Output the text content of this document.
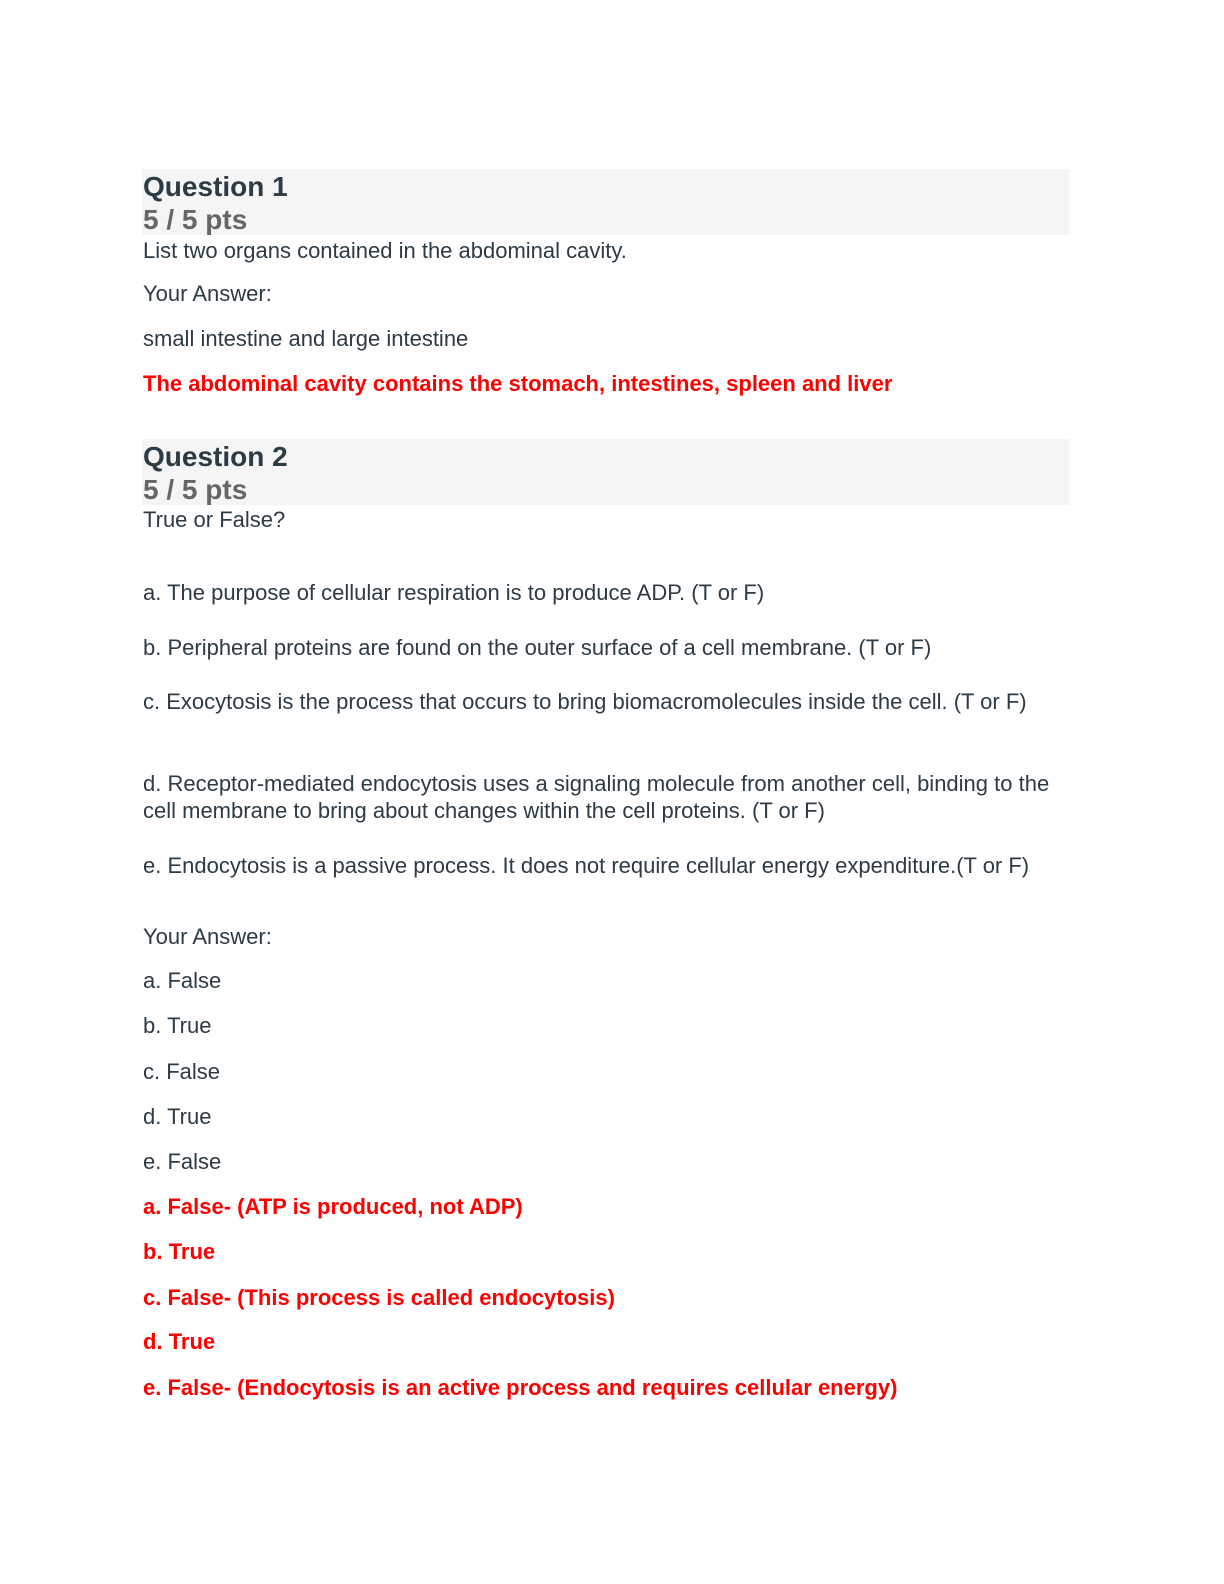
Question 1
5 / 5 pts
List two organs contained in the abdominal cavity.
Your Answer:
small intestine and large intestine
The abdominal cavity contains the stomach, intestines, spleen and liver
Question 2
5 / 5 pts
True or False?
a. The purpose of cellular respiration is to produce ADP. (T or F)
b. Peripheral proteins are found on the outer surface of a cell membrane. (T or F)
c. Exocytosis is the process that occurs to bring biomacromolecules inside the cell. (T or F)
d. Receptor-mediated endocytosis uses a signaling molecule from another cell, binding to the cell membrane to bring about changes within the cell proteins. (T or F)
e. Endocytosis is a passive process. It does not require cellular energy expenditure.(T or F)
Your Answer:
a. False
b. True
c. False
d. True
e. False
a. False- (ATP is produced, not ADP)
b. True
c. False- (This process is called endocytosis)
d. True
e. False- (Endocytosis is an active process and requires cellular energy)
